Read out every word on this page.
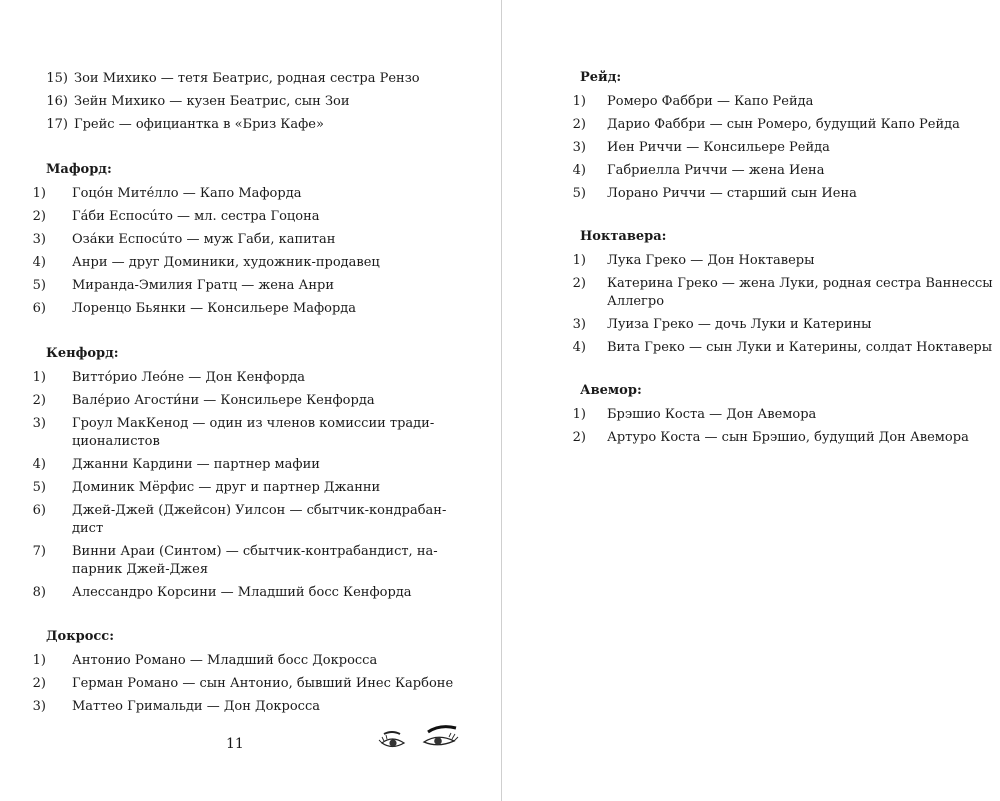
15) Зои Михико — тетя Беатрис, родная сестра Рензо
16) Зейн Михико — кузен Беатрис, сын Зои
17) Грейс — официантка в «Бриз Кафе»
Мафорд:
1) Гоцо́н Мите́лло — Капо Мафорда
2) Га́би Еспосúто — мл. сестра Гоцона
3) Оза́ки Еспосúто — муж Габи, капитан
4) Анри — друг Доминики, художник-продавец
5) Миранда-Эмилия Гратц — жена Анри
6) Лоренцо Бьянки — Консильере Мафорда
Кенфорд:
1) Витто́рио Лео́не — Дон Кенфорда
2) Вале́рио Агости́ни — Консильере Кенфорда
3) Гроул МакКенод — один из членов комиссии тради-
ционалистов
4) Джанни Кардини — партнер мафии
5) Доминик Мёрфис — друг и партнер Джанни
6) Джей-Джей (Джейсон) Уилсон — сбытчик-кондрабан-
дист
7) Винни Араи (Синтом) — сбытчик-контрабандист, на-
парник Джей-Джея
8) Алессандро Корсини — Младший босс Кенфорда
Докросс:
1) Антонио Романо — Младший босс Докросса
2) Герман Романо — сын Антонио, бывший Инес Карбоне
3) Маттео Гримальди — Дон Докросса
11
Рейд:
1) Ромеро Фаббри — Капо Рейда
2) Дарио Фаббри — сын Ромеро, будущий Капо Рейда
3) Иен Риччи — Консильере Рейда
4) Габриелла Риччи — жена Иена
5) Лорано Риччи — старший сын Иена
Ноктавера:
1) Лука Греко — Дон Ноктаверы
2) Катерина Греко — жена Луки, родная сестра Ваннессы
Аллегро
3) Луиза Греко — дочь Луки и Катерины
4) Вита Греко — сын Луки и Катерины, солдат Ноктаверы
Авемор:
1) Брэшио Коста — Дон Авемора
2) Артуро Коста — сын Брэшио, будущий Дон Авемора
